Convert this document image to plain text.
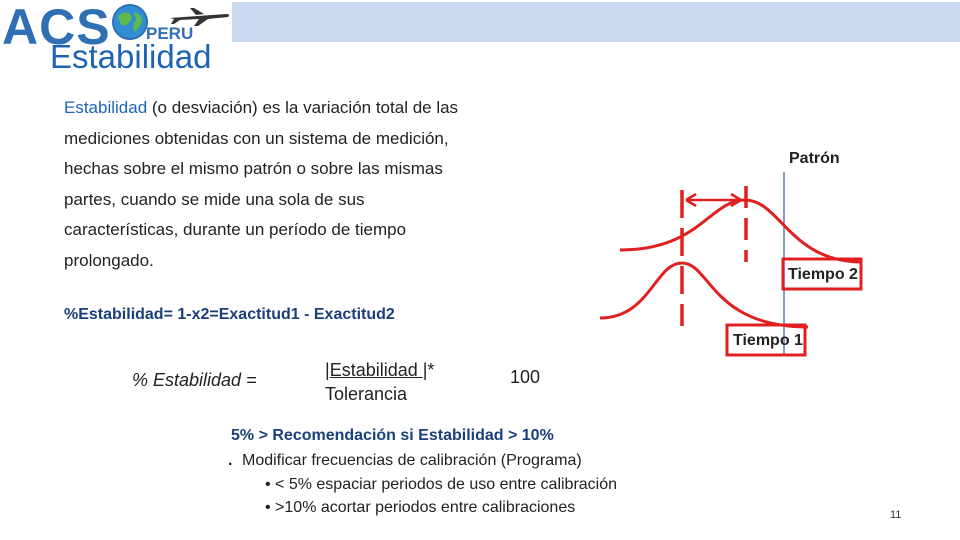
ACS PERU
Estabilidad
Estabilidad (o desviación) es la variación total de las mediciones obtenidas con un sistema de medición, hechas sobre el mismo patrón o sobre las mismas partes, cuando se mide una sola de sus características, durante un período de tiempo prolongado.
Patrón
Tiempo 2
Tiempo 1
%Estabilidad= 1-x2=Exactitud1 - Exactitud2
% Estabilidad =	|Estabilidad |*
Tolerancia
100
5% > Recomendación si Estabilidad > 10%
. Modificar frecuencias de calibración (Programa)
• < 5% espaciar periodos de uso entre calibración
• >10% acortar periodos entre calibraciones	11
